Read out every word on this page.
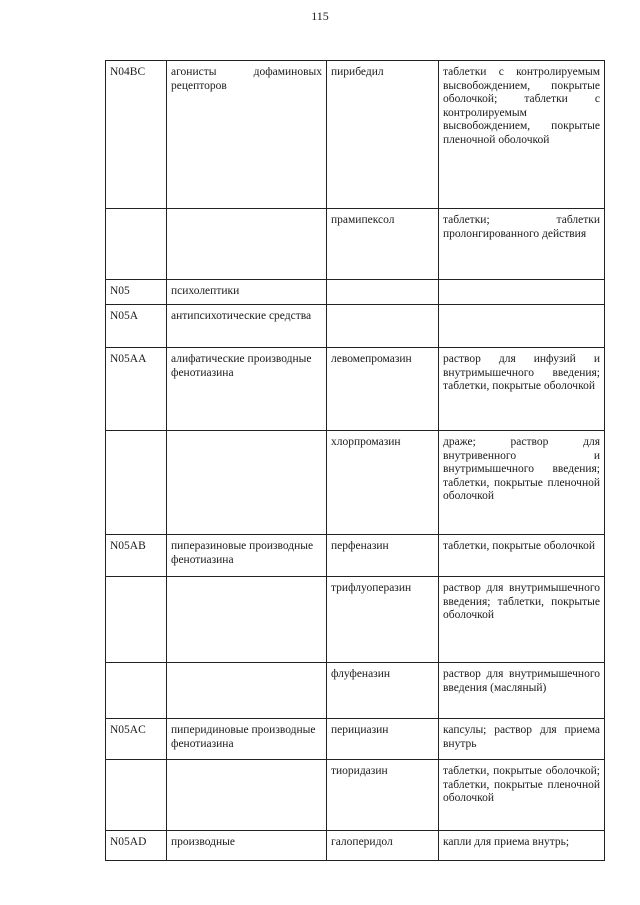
115
N04BC	агонисты дофаминовых рецепторов	пирибедил	таблетки с контролируемым высвобождением, покрытые оболочкой; таблетки с контролируемым высвобождением, покрытые пленочной оболочкой
		прамипексол	таблетки; таблетки пролонгированного действия
N05	психолептики		
N05A	антипсихотические средства		
N05AA	алифатические производные фенотиазина	левомепромазин	раствор для инфузий и внутримышечного введения; таблетки, покрытые оболочкой
		хлорпромазин	драже; раствор для внутривенного и внутримышечного введения; таблетки, покрытые пленочной оболочкой
N05AB	пиперазиновые производные фенотиазина	перфеназин	таблетки, покрытые оболочкой
		трифлуоперазин	раствор для внутримышечного введения; таблетки, покрытые оболочкой
		флуфеназин	раствор для внутримышечного введения (масляный)
N05AC	пиперидиновые производные фенотиазина	перициазин	капсулы; раствор для приема внутрь
		тиоридазин	таблетки, покрытые оболочкой; таблетки, покрытые пленочной оболочкой
N05AD	производные	галоперидол	капли для приема внутрь;
